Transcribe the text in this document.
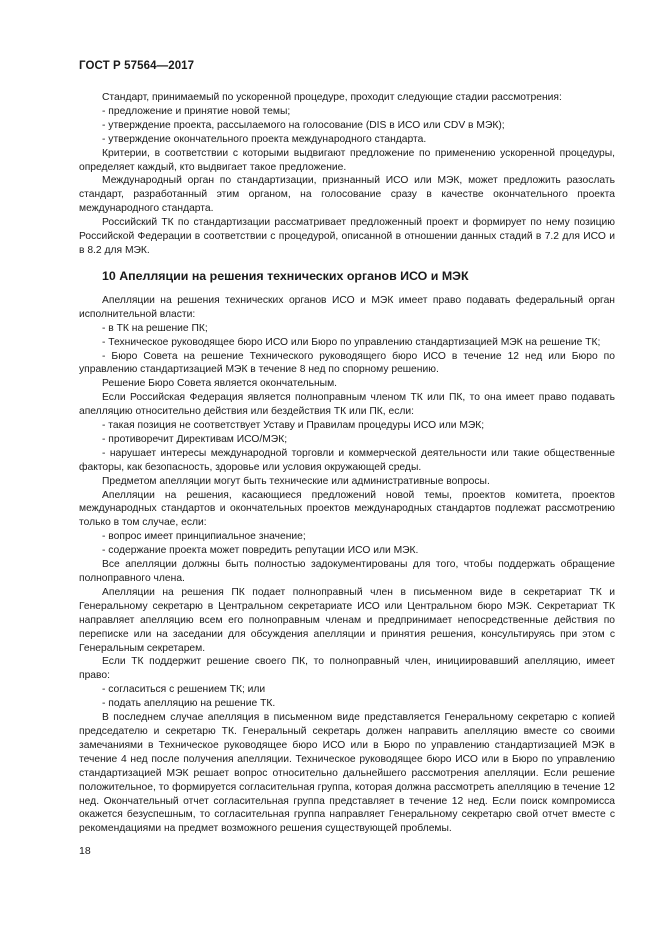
ГОСТ Р 57564—2017

Стандарт, принимаемый по ускоренной процедуре, проходит следующие стадии рассмотрения:

- предложение и принятие новой темы;

- утверждение проекта, рассылаемого на голосование (DIS в ИСО или CDV в МЭК);

- утверждение окончательного проекта международного стандарта.

Критерии, в соответствии с которыми выдвигают предложение по применению ускоренной процедуры, определяет каждый, кто выдвигает такое предложение.

Международный орган по стандартизации, признанный ИСО или МЭК, может предложить разослать стандарт, разработанный этим органом, на голосование сразу в качестве окончательного проекта международного стандарта.

Российский ТК по стандартизации рассматривает предложенный проект и формирует по нему позицию Российской Федерации в соответствии с процедурой, описанной в отношении данных стадий в 7.2 для ИСО и в 8.2 для МЭК.

10 Апелляции на решения технических органов ИСО и МЭК

Апелляции на решения технических органов ИСО и МЭК имеет право подавать федеральный орган исполнительной власти:

- в ТК на решение ПК;

- Техническое руководящее бюро ИСО или Бюро по управлению стандартизацией МЭК на решение ТК;

- Бюро Совета на решение Технического руководящего бюро ИСО в течение 12 нед или Бюро по управлению стандартизацией МЭК в течение 8 нед по спорному решению.

Решение Бюро Совета является окончательным.

Если Российская Федерация является полноправным членом ТК или ПК, то она имеет право подавать апелляцию относительно действия или бездействия ТК или ПК, если:

- такая позиция не соответствует Уставу и Правилам процедуры ИСО или МЭК;

- противоречит Директивам ИСО/МЭК;

- нарушает интересы международной торговли и коммерческой деятельности или такие общественные факторы, как безопасность, здоровье или условия окружающей среды.

Предметом апелляции могут быть технические или административные вопросы.

Апелляции на решения, касающиеся предложений новой темы, проектов комитета, проектов международных стандартов и окончательных проектов международных стандартов подлежат рассмотрению только в том случае, если:

- вопрос имеет принципиальное значение;

- содержание проекта может повредить репутации ИСО или МЭК.

Все апелляции должны быть полностью задокументированы для того, чтобы поддержать обращение полноправного члена.

Апелляции на решения ПК подает полноправный член в письменном виде в секретариат ТК и Генеральному секретарю в Центральном секретариате ИСО или Центральном бюро МЭК. Секретариат ТК направляет апелляцию всем его полноправным членам и предпринимает непосредственные действия по переписке или на заседании для обсуждения апелляции и принятия решения, консультируясь при этом с Генеральным секретарем.

Если ТК поддержит решение своего ПК, то полноправный член, инициировавший апелляцию, имеет право:

- согласиться с решением ТК; или

- подать апелляцию на решение ТК.

В последнем случае апелляция в письменном виде представляется Генеральному секретарю с копией председателю и секретарю ТК. Генеральный секретарь должен направить апелляцию вместе со своими замечаниями в Техническое руководящее бюро ИСО или в Бюро по управлению стандартизацией МЭК в течение 4 нед после получения апелляции. Техническое руководящее бюро ИСО или в Бюро по управлению стандартизацией МЭК решает вопрос относительно дальнейшего рассмотрения апелляции. Если решение положительное, то формируется согласительная группа, которая должна рассмотреть апелляцию в течение 12 нед. Окончательный отчет согласительная группа представляет в течение 12 нед. Если поиск компромисса окажется безуспешным, то согласительная группа направляет Генеральному секретарю свой отчет вместе с рекомендациями на предмет возможного решения существующей проблемы.

18
